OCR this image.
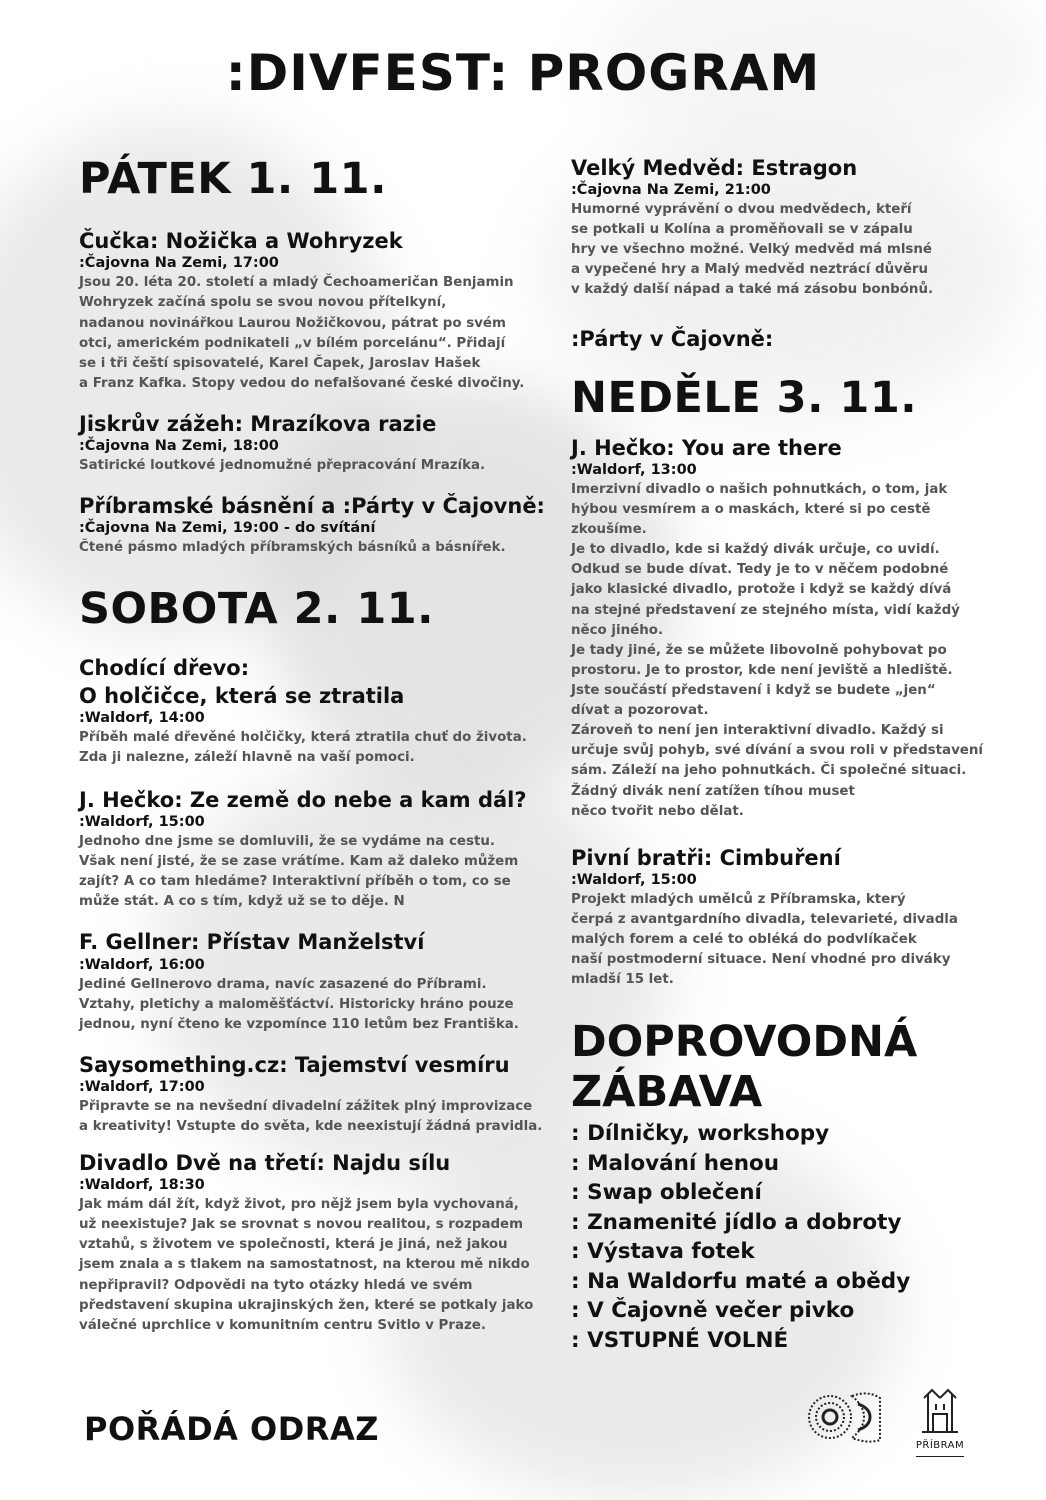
:DIVFEST: PROGRAM
PÁTEK 1. 11.

Čučka: Nožička a Wohryzek

:Čajovna Na Zemi, 17:00

Jsou 20. léta 20. století a mladý Čechoameričan Benjamin
Wohryzek začíná spolu se svou novou přítelkyní,
nadanou novinářkou Laurou Nožičkovou, pátrat po svém
otci, americkém podnikateli „v bílém porcelánu“. Přidají
se i tři čeští spisovatelé, Karel Čapek, Jaroslav Hašek
a Franz Kafka. Stopy vedou do nefalšované české divočiny.

Jiskrův zážeh: Mrazíkova razie

:Čajovna Na Zemi, 18:00

Satirické loutkové jednomužné přepracování Mrazíka.

Příbramské básnění a :Párty v Čajovně:

:Čajovna Na Zemi, 19:00 - do svítání

Čtené pásmo mladých příbramských básníků a básnířek.

SOBOTA 2. 11.

Chodící dřevo:

O holčičce, která se ztratila

:Waldorf, 14:00

Příběh malé dřevěné holčičky, která ztratila chuť do života.
Zda ji nalezne, záleží hlavně na vaší pomoci.

J. Hečko: Ze země do nebe a kam dál?

:Waldorf, 15:00

Jednoho dne jsme se domluvili, že se vydáme na cestu.
Však není jisté, že se zase vrátíme. Kam až daleko můžem
zajít? A co tam hledáme? Interaktivní příběh o tom, co se
může stát. A co s tím, když už se to děje. N

F. Gellner: Přístav Manželství

:Waldorf, 16:00

Jediné Gellnerovo drama, navíc zasazené do Příbrami.
Vztahy, pletichy a maloměšťáctví. Historicky hráno pouze
jednou, nyní čteno ke vzpomínce 110 letům bez Františka.

Saysomething.cz: Tajemství vesmíru

:Waldorf, 17:00

Připravte se na nevšední divadelní zážitek plný improvizace
a kreativity! Vstupte do světa, kde neexistují žádná pravidla.

Divadlo Dvě na třetí: Najdu sílu

:Waldorf, 18:30

Jak mám dál žít, když život, pro nějž jsem byla vychovaná,
už neexistuje? Jak se srovnat s novou realitou, s rozpadem
vztahů, s životem ve společnosti, která je jiná, než jakou
jsem znala a s tlakem na samostatnost, na kterou mě nikdo
nepřipravil? Odpovědi na tyto otázky hledá ve svém
představení skupina ukrajinských žen, které se potkaly jako
válečné uprchlice v komunitním centru Svitlo v Praze.

Velký Medvěd: Estragon

:Čajovna Na Zemi, 21:00

Humorné vyprávění o dvou medvědech, kteří
se potkali u Kolína a proměňovali se v zápalu
hry ve všechno možné. Velký medvěd má mlsné
a vypečené hry a Malý medvěd neztrácí důvěru
v každý další nápad a také má zásobu bonbónů.

:Párty v Čajovně:

NEDĚLE 3. 11.

J. Hečko: You are there

:Waldorf, 13:00

Imerzivní divadlo o našich pohnutkách, o tom, jak
hýbou vesmírem a o maskách, které si po cestě
zkoušíme.
Je to divadlo, kde si každý divák určuje, co uvidí.
Odkud se bude dívat. Tedy je to v něčem podobné
jako klasické divadlo, protože i když se každý dívá
na stejné představení ze stejného místa, vidí každý
něco jiného.
Je tady jiné, že se můžete libovolně pohybovat po
prostoru. Je to prostor, kde není jeviště a hlediště.
Jste součástí představení i když se budete „jen“
dívat a pozorovat.
Zároveň to není jen interaktivní divadlo. Každý si
určuje svůj pohyb, své dívání a svou roli v představení
sám. Záleží na jeho pohnutkách. Či společné situaci.
Žádný divák není zatížen tíhou muset
něco tvořit nebo dělat.

Pivní bratři: Cimbuření

:Waldorf, 15:00

Projekt mladých umělců z Příbramska, který
čerpá z avantgardního divadla, televarieté, divadla
malých forem a celé to obléká do podvlíkaček
naší postmoderní situace. Není vhodné pro diváky
mladší 15 let.

DOPROVODNÁ

ZÁBAVA

: Dílničky, workshopy
: Malování henou
: Swap oblečení
: Znamenité jídlo a dobroty
: Výstava fotek
: Na Waldorfu maté a obědy
: V Čajovně večer pivko
: VSTUPNÉ VOLNÉ

POŘÁDÁ ODRAZ	PŘÍBRAM
